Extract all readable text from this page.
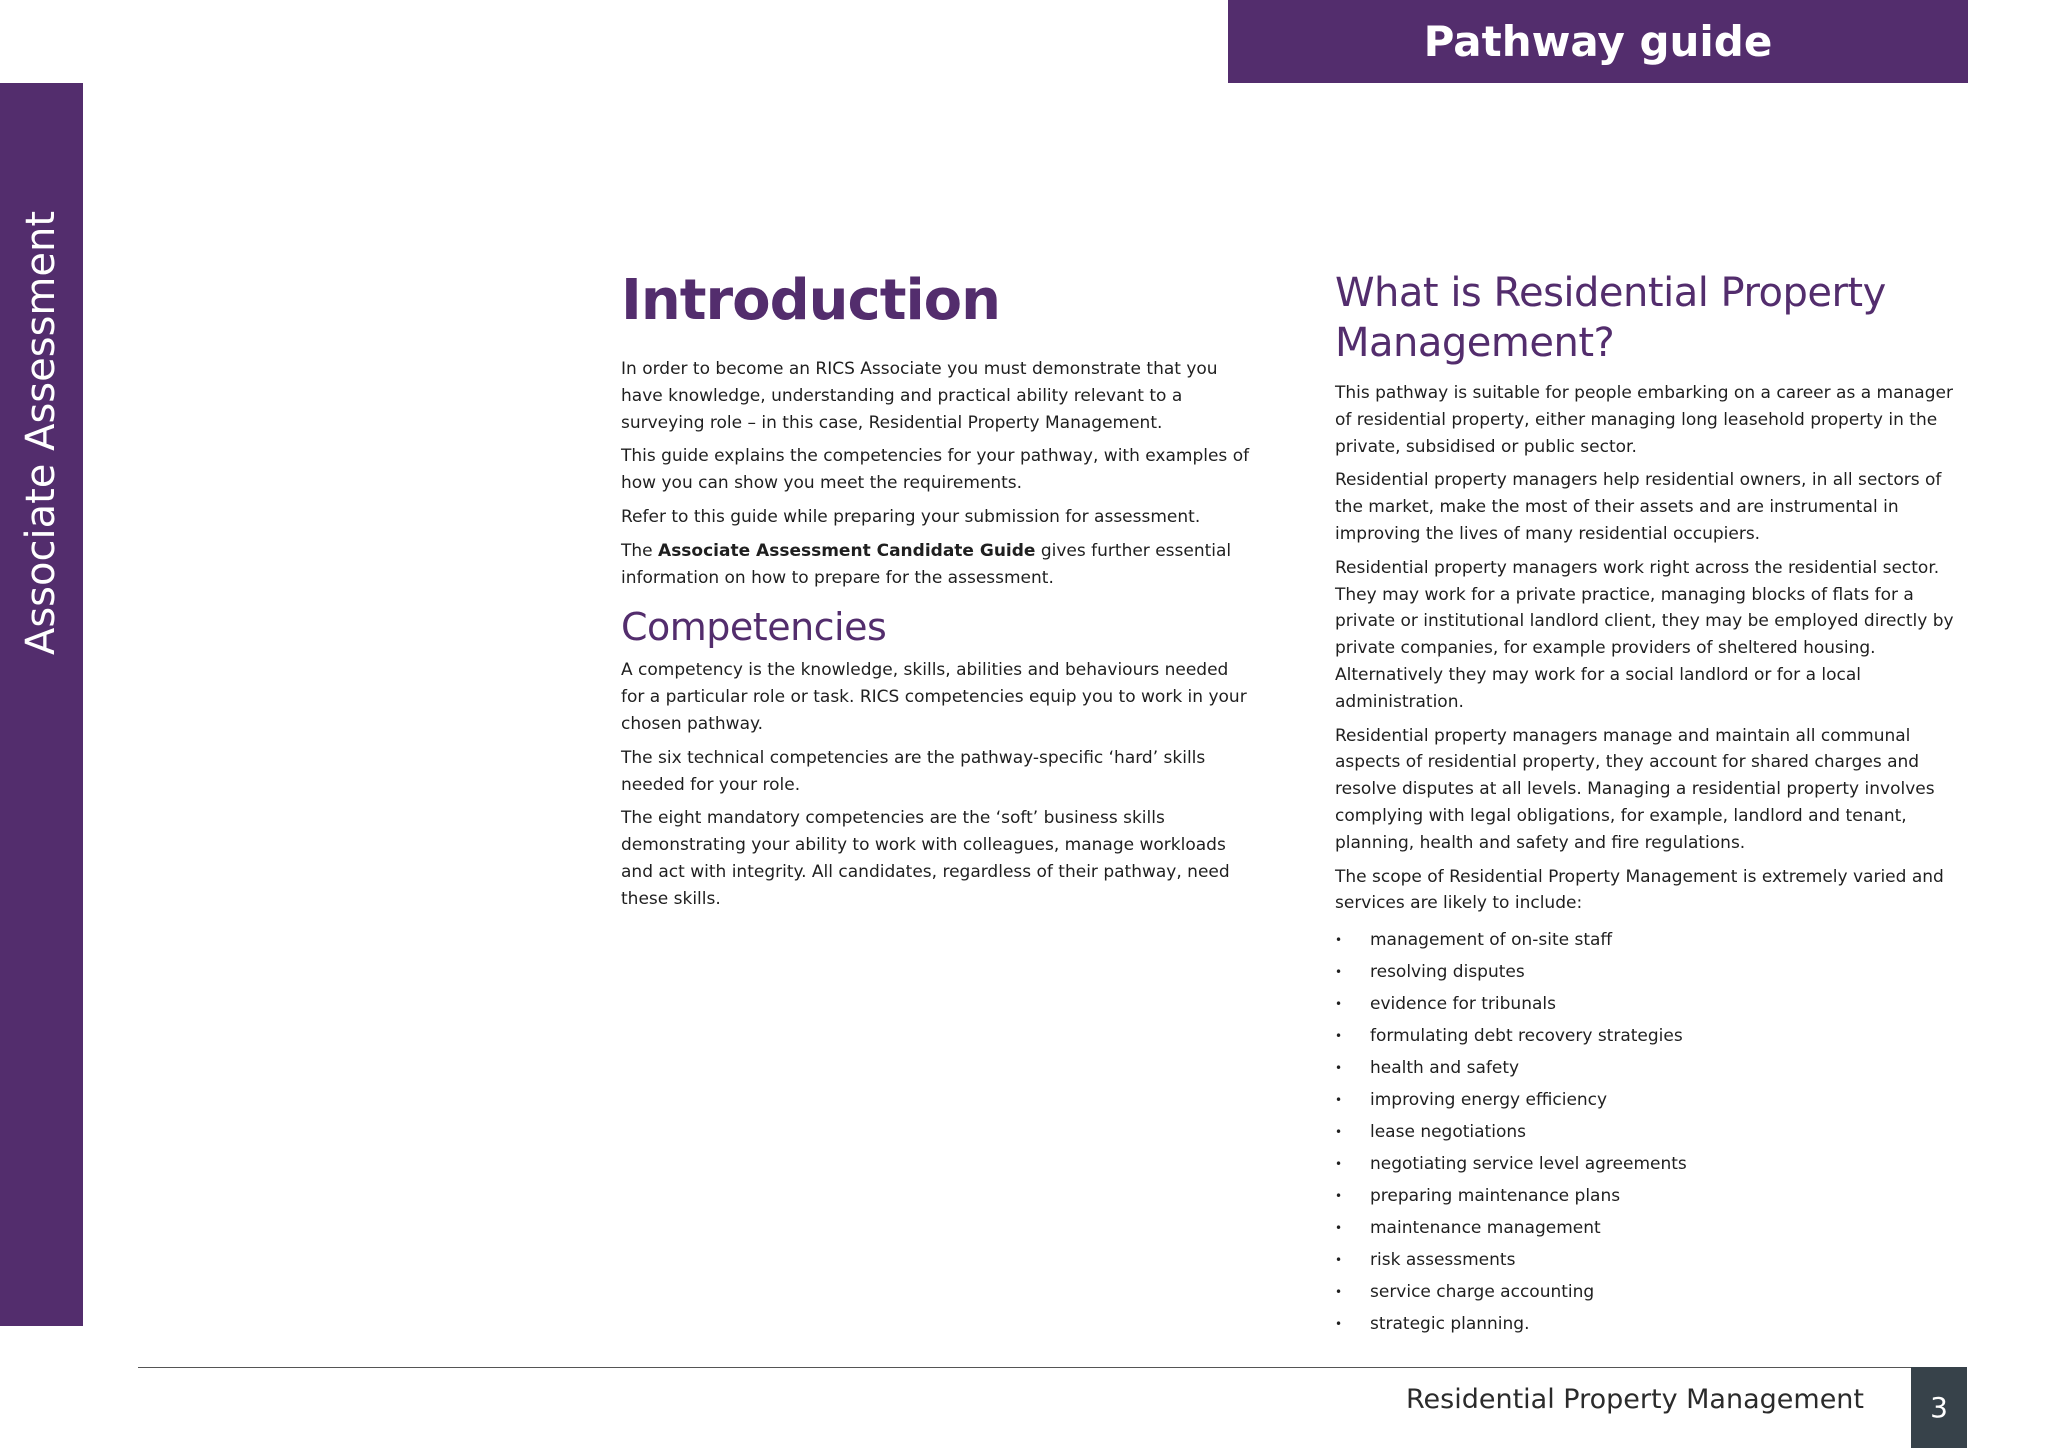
Pathway guide
Associate Assessment	Introduction

In order to become an RICS Associate you must demonstrate that you have knowledge, understanding and practical ability relevant to a surveying role – in this case, Residential Property Management.

This guide explains the competencies for your pathway, with examples of how you can show you meet the requirements.

Refer to this guide while preparing your submission for assessment.

The Associate Assessment Candidate Guide gives further essential information on how to prepare for the assessment.

Competencies

A competency is the knowledge, skills, abilities and behaviours needed for a particular role or task. RICS competencies equip you to work in your chosen pathway.

The six technical competencies are the pathway-specific ‘hard’ skills needed for your role.

The eight mandatory competencies are the ‘soft’ business skills demonstrating your ability to work with colleagues, manage workloads and act with integrity. All candidates, regardless of their pathway, need these skills.

What is Residential Property Management?

This pathway is suitable for people embarking on a career as a manager of residential property, either managing long leasehold property in the private, subsidised or public sector.

Residential property managers help residential owners, in all sectors of the market, make the most of their assets and are instrumental in improving the lives of many residential occupiers.

Residential property managers work right across the residential sector. They may work for a private practice, managing blocks of flats for a private or institutional landlord client, they may be employed directly by private companies, for example providers of sheltered housing. Alternatively they may work for a social landlord or for a local administration.

Residential property managers manage and maintain all communal aspects of residential property, they account for shared charges and resolve disputes at all levels. Managing a residential property involves complying with legal obligations, for example, landlord and tenant, planning, health and safety and fire regulations.

The scope of Residential Property Management is extremely varied and services are likely to include:

• management of on-site staff
• resolving disputes
• evidence for tribunals
• formulating debt recovery strategies
• health and safety
• improving energy efficiency
• lease negotiations
• negotiating service level agreements
• preparing maintenance plans
• maintenance management
• risk assessments
• service charge accounting
• strategic planning.
Residential Property Management 3
